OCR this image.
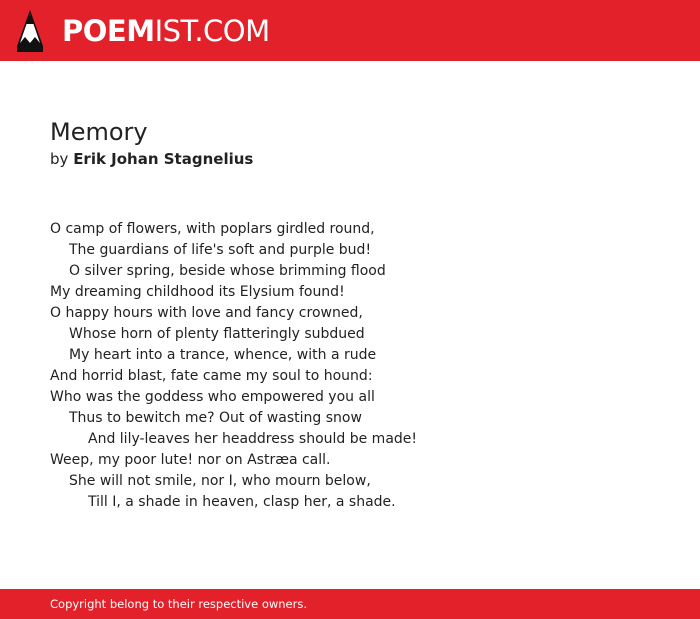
POEMIST.COM
Memory
by Erik Johan Stagnelius
O camp of flowers, with poplars girdled round,
The guardians of life's soft and purple bud!
O silver spring, beside whose brimming flood
My dreaming childhood its Elysium found!
O happy hours with love and fancy crowned,
Whose horn of plenty flatteringly subdued
My heart into a trance, whence, with a rude
And horrid blast, fate came my soul to hound:
Who was the goddess who empowered you all
Thus to bewitch me? Out of wasting snow
And lily-leaves her headdress should be made!
Weep, my poor lute! nor on Astræa call.
She will not smile, nor I, who mourn below,
Till I, a shade in heaven, clasp her, a shade.
Copyright belong to their respective owners.
